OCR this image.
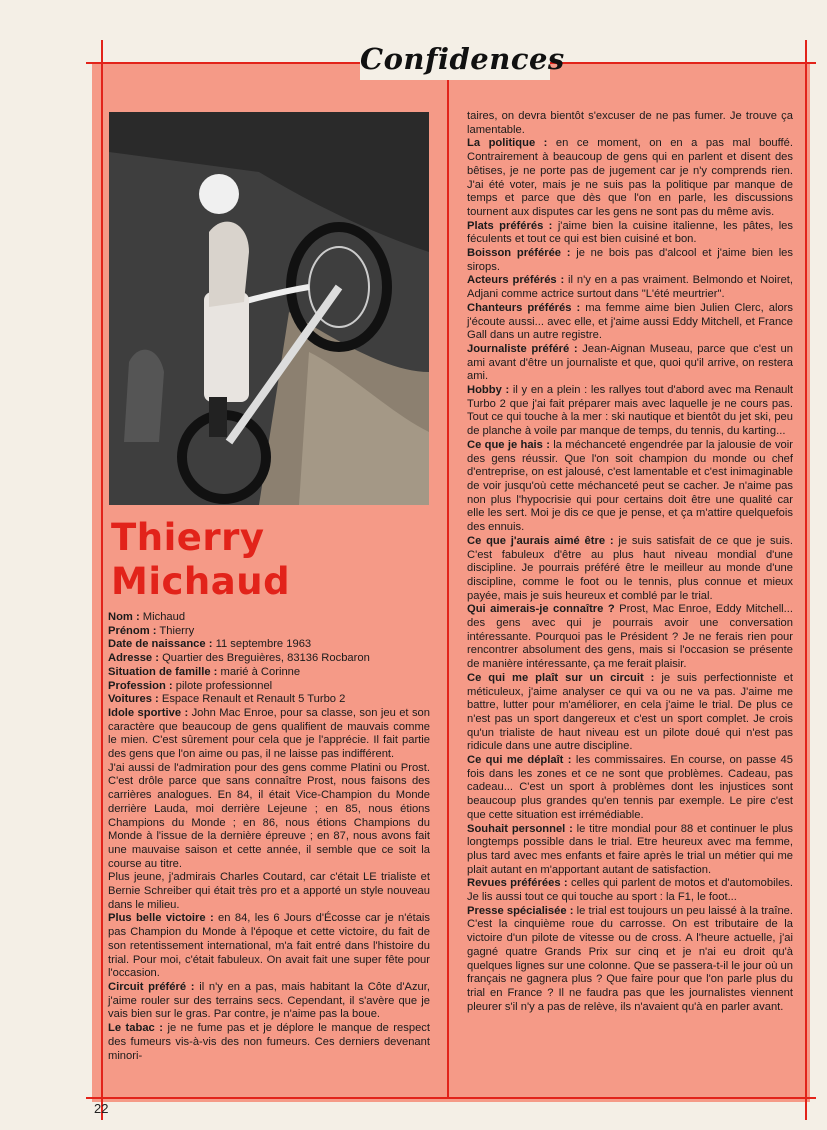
Confidences
Thierry
Michaud

Nom : Michaud

Prénom : Thierry

Date de naissance : 11 septembre 1963

Adresse : Quartier des Breguières, 83136 Rocbaron

Situation de famille : marié à Corinne

Profession : pilote professionnel

Voitures : Espace Renault et Renault 5 Turbo 2

Idole sportive : John Mac Enroe, pour sa classe, son jeu et son caractère que beaucoup de gens qualifient de mauvais comme le mien. C'est sûrement pour cela que je l'apprécie. Il fait partie des gens que l'on aime ou pas, il ne laisse pas indifférent.

J'ai aussi de l'admiration pour des gens comme Platini ou Prost. C'est drôle parce que sans connaître Prost, nous faisons des carrières analogues. En 84, il était Vice-Champion du Monde derrière Lauda, moi derrière Lejeune ; en 85, nous étions Champions du Monde ; en 86, nous étions Champions du Monde à l'issue de la dernière épreuve ; en 87, nous avons fait une mauvaise saison et cette année, il semble que ce soit la course au titre.

Plus jeune, j'admirais Charles Coutard, car c'était LE trialiste et Bernie Schreiber qui était très pro et a apporté un style nouveau dans le milieu.

Plus belle victoire : en 84, les 6 Jours d'Écosse car je n'étais pas Champion du Monde à l'époque et cette victoire, du fait de son retentissement international, m'a fait entré dans l'histoire du trial. Pour moi, c'était fabuleux. On avait fait une super fête pour l'occasion.

Circuit préféré : il n'y en a pas, mais habitant la Côte d'Azur, j'aime rouler sur des terrains secs. Cependant, il s'avère que je vais bien sur le gras. Par contre, je n'aime pas la boue.

Le tabac : je ne fume pas et je déplore le manque de respect des fumeurs vis-à-vis des non fumeurs. Ces derniers devenant minori-

taires, on devra bientôt s'excuser de ne pas fumer. Je trouve ça lamentable.

La politique : en ce moment, on en a pas mal bouffé. Contrairement à beaucoup de gens qui en parlent et disent des bêtises, je ne porte pas de jugement car je n'y comprends rien. J'ai été voter, mais je ne suis pas la politique par manque de temps et parce que dès que l'on en parle, les discussions tournent aux disputes car les gens ne sont pas du même avis.

Plats préférés : j'aime bien la cuisine italienne, les pâtes, les féculents et tout ce qui est bien cuisiné et bon.

Boisson préférée : je ne bois pas d'alcool et j'aime bien les sirops.

Acteurs préférés : il n'y en a pas vraiment. Belmondo et Noiret, Adjani comme actrice surtout dans "L'été meurtrier".

Chanteurs préférés : ma femme aime bien Julien Clerc, alors j'écoute aussi... avec elle, et j'aime aussi Eddy Mitchell, et France Gall dans un autre registre.

Journaliste préféré : Jean-Aignan Museau, parce que c'est un ami avant d'être un journaliste et que, quoi qu'il arrive, on restera ami.

Hobby : il y en a plein : les rallyes tout d'abord avec ma Renault Turbo 2 que j'ai fait préparer mais avec laquelle je ne cours pas. Tout ce qui touche à la mer : ski nautique et bientôt du jet ski, peu de planche à voile par manque de temps, du tennis, du karting...

Ce que je hais : la méchanceté engendrée par la jalousie de voir des gens réussir. Que l'on soit champion du monde ou chef d'entreprise, on est jalousé, c'est lamentable et c'est inimaginable de voir jusqu'où cette méchanceté peut se cacher. Je n'aime pas non plus l'hypocrisie qui pour certains doit être une qualité car elle les sert. Moi je dis ce que je pense, et ça m'attire quelquefois des ennuis.

Ce que j'aurais aimé être : je suis satisfait de ce que je suis. C'est fabuleux d'être au plus haut niveau mondial d'une discipline. Je pourrais préféré être le meilleur au monde d'une discipline, comme le foot ou le tennis, plus connue et mieux payée, mais je suis heureux et comblé par le trial.

Qui aimerais-je connaître ? Prost, Mac Enroe, Eddy Mitchell... des gens avec qui je pourrais avoir une conversation intéressante. Pourquoi pas le Président ? Je ne ferais rien pour rencontrer absolument des gens, mais si l'occasion se présente de manière intéressante, ça me ferait plaisir.

Ce qui me plaît sur un circuit : je suis perfectionniste et méticuleux, j'aime analyser ce qui va ou ne va pas. J'aime me battre, lutter pour m'améliorer, en cela j'aime le trial. De plus ce n'est pas un sport dangereux et c'est un sport complet. Je crois qu'un trialiste de haut niveau est un pilote doué qui n'est pas ridicule dans une autre discipline.

Ce qui me déplaît : les commissaires. En course, on passe 45 fois dans les zones et ce ne sont que problèmes. Cadeau, pas cadeau... C'est un sport à problèmes dont les injustices sont beaucoup plus grandes qu'en tennis par exemple. Le pire c'est que cette situation est irrémédiable.

Souhait personnel : le titre mondial pour 88 et continuer le plus longtemps possible dans le trial. Etre heureux avec ma femme, plus tard avec mes enfants et faire après le trial un métier qui me plait autant en m'apportant autant de satisfaction.

Revues préférées : celles qui parlent de motos et d'automobiles. Je lis aussi tout ce qui touche au sport : la F1, le foot...

Presse spécialisée : le trial est toujours un peu laissé à la traîne. C'est la cinquième roue du carrosse. On est tributaire de la victoire d'un pilote de vitesse ou de cross. A l'heure actuelle, j'ai gagné quatre Grands Prix sur cinq et je n'ai eu droit qu'à quelques lignes sur une colonne. Que se passera-t-il le jour où un français ne gagnera plus ? Que faire pour que l'on parle plus du trial en France ? Il ne faudra pas que les journalistes viennent pleurer s'il n'y a pas de relève, ils n'avaient qu'à en parler avant.

22
